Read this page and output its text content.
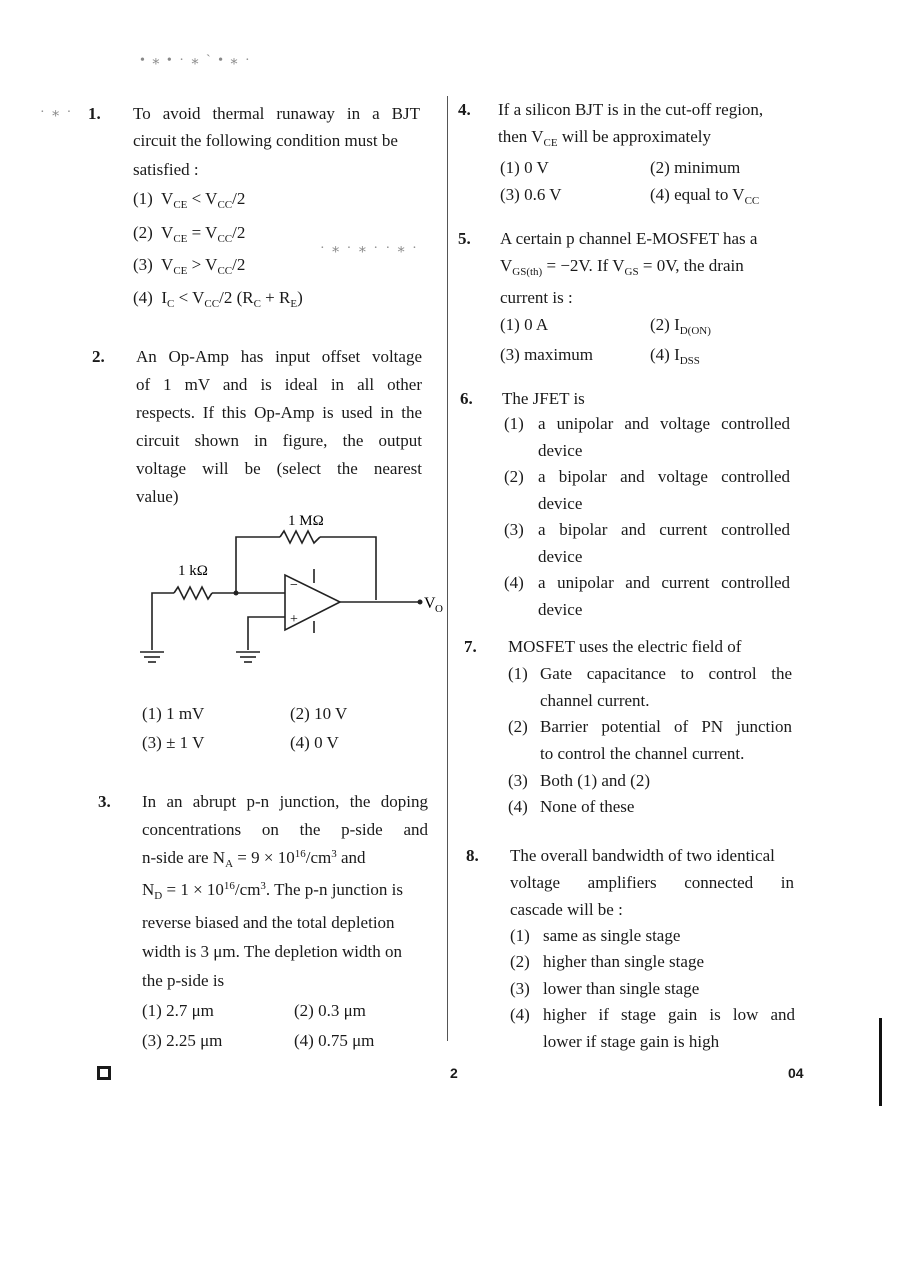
• ⁎ • · ⁎ ` • ⁎ ·
· ⁎ ·
· ⁎ · ⁎ · · ⁎ ·
1. To avoid thermal runaway in a BJT
circuit the following condition must be
satisfied :
(1) $V_{CE} < V_{CC}/2$
(2) $V_{CE} = V_{CC}/2$
(3) $V_{CE} > V_{CC}/2$
(4) $I_C < V_{CC}/2$ $(R_C + R_E)$
2. An Op-Amp has input offset voltage
of 1 mV and is ideal in all other
respects. If this Op-Amp is used in the
circuit shown in figure, the output
voltage will be (select the nearest
value)
1 MΩ
1 kΩ
−
+
V O
(1) 1 mV	(2) 10 V
(3) ± 1 V	(4) 0 V
3. In an abrupt p-n junction, the doping
concentrations on the p-side and
n-side are $N_A = 9 \times 10^{16}/cm^3$ and
$N_D = 1 \times 10^{16}/cm^3$. The p-n junction is
reverse biased and the total depletion
width is 3 μm. The depletion width on
the p-side is
(1) 2.7 μm	(2) 0.3 μm
(3) 2.25 μm	(4) 0.75 μm
4. If a silicon BJT is in the cut-off region,
then $V_{CE}$ will be approximately
(1) 0 V	(2) minimum
(3) 0.6 V	(4) equal to $V_{CC}$
5. A certain p channel E-MOSFET has a
$V_{GS(th)} = -2V$. If $V_{GS} = 0V$, the drain
current is :
(1) 0 A	(2) $I_{D(ON)}$
(3) maximum	(4) $I_{DSS}$
6. The JFET is
(1) a unipolar and voltage controlled
device
(2) a bipolar and voltage controlled
device
(3) a bipolar and current controlled
device
(4) a unipolar and current controlled
device
7. MOSFET uses the electric field of
(1) Gate capacitance to control the
channel current.
(2) Barrier potential of PN junction
to control the channel current.
(3) Both (1) and (2)
(4) None of these
8. The overall bandwidth of two identical
voltage amplifiers connected in
cascade will be :
(1) same as single stage
(2) higher than single stage
(3) lower than single stage
(4) higher if stage gain is low and
lower if stage gain is high
2	04
